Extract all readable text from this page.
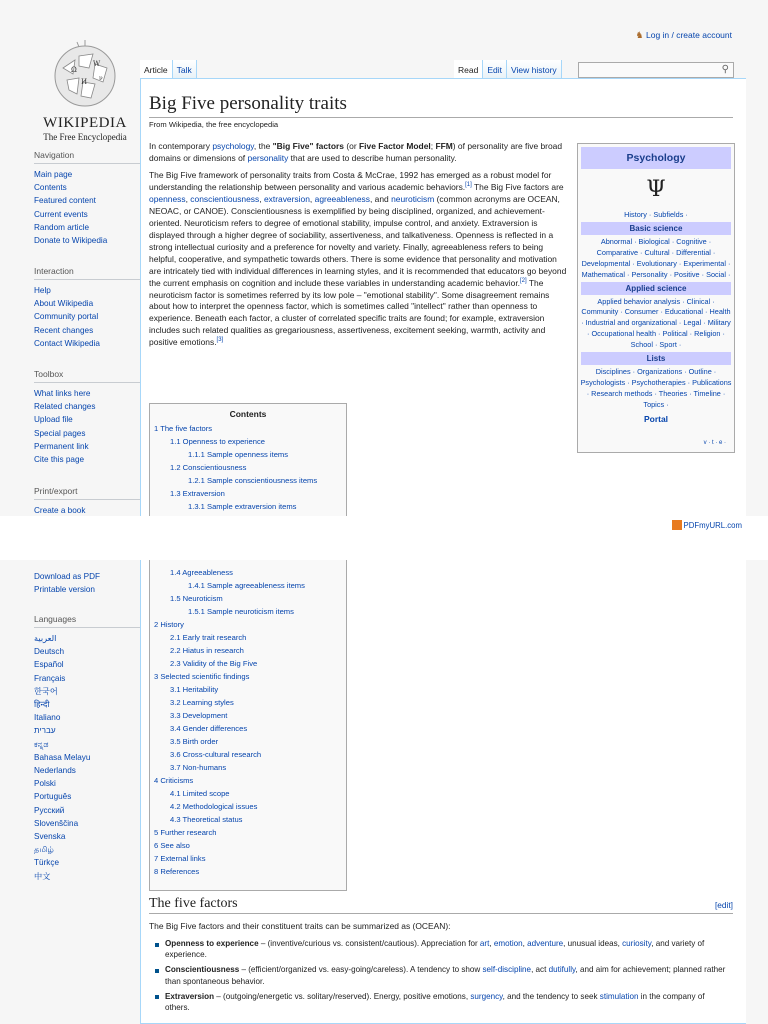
♞ Log in / create account
Ω
W
И ν
WIKIPEDIA
The Free Encyclopedia
Navigation
Main page
Contents
Featured content
Current events
Random article
Donate to Wikipedia
Interaction
Help
About Wikipedia
Community portal
Recent changes
Contact Wikipedia
Toolbox
What links here
Related changes
Upload file
Special pages
Permanent link
Cite this page
Print/export
Create a book
Article Talk	Read Edit View history	⚲
Big Five personality traits
From Wikipedia, the free encyclopedia
In contemporary psychology, the "Big Five" factors (or Five Factor Model; FFM) of personality are five broad domains or dimensions of personality that are used to describe human personality.
The Big Five framework of personality traits from Costa & McCrae, 1992 has emerged as a robust model for understanding the relationship between personality and various academic behaviors.[1] The Big Five factors are openness, conscientiousness, extraversion, agreeableness, and neuroticism (common acronyms are OCEAN, NEOAC, or CANOE). Conscientiousness is exemplified by being disciplined, organized, and achievement-oriented. Neuroticism refers to degree of emotional stability, impulse control, and anxiety. Extraversion is displayed through a higher degree of sociability, assertiveness, and talkativeness. Openness is reflected in a strong intellectual curiosity and a preference for novelty and variety. Finally, agreeableness refers to being helpful, cooperative, and sympathetic towards others. There is some evidence that personality and motivation are intricately tied with individual differences in learning styles, and it is recommended that educators go beyond the current emphasis on cognition and include these variables in understanding academic behavior.[2] The neuroticism factor is sometimes referred by its low pole – "emotional stability". Some disagreement remains about how to interpret the openness factor, which is sometimes called "intellect" rather than openness to experience. Beneath each factor, a cluster of correlated specific traits are found; for example, extraversion includes such related qualities as gregariousness, assertiveness, excitement seeking, warmth, activity and positive emotions.[3]
Psychology
Ψ
History · Subfields ·
Basic science
Abnormal · Biological · Cognitive · Comparative · Cultural · Differential · Developmental · Evolutionary · Experimental · Mathematical · Personality · Positive · Social ·
Applied science
Applied behavior analysis · Clinical · Community · Consumer · Educational · Health · Industrial and organizational · Legal · Military · Occupational health · Political · Religion · School · Sport ·
Lists
Disciplines · Organizations · Outline · Psychologists · Psychotherapies · Publications · Research methods · Theories · Timeline · Topics ·
Portal
v · t · e ·
Contents
1 The five factors
1.1 Openness to experience
1.1.1 Sample openness items
1.2 Conscientiousness
1.2.1 Sample conscientiousness items
1.3 Extraversion
1.3.1 Sample extraversion items
PDFmyURL.com
Download as PDF
Printable version
Languages
العربية
Deutsch
Español
Français
한국어
हिन्दी
Italiano
עברית
ಕನ್ನಡ
Bahasa Melayu
Nederlands
Polski
Português
Русский
Slovenščina
Svenska
தமிழ்
Türkçe
中文
1.4 Agreeableness
1.4.1 Sample agreeableness items
1.5 Neuroticism
1.5.1 Sample neuroticism items
2 History
2.1 Early trait research
2.2 Hiatus in research
2.3 Validity of the Big Five
3 Selected scientific findings
3.1 Heritability
3.2 Learning styles
3.3 Development
3.4 Gender differences
3.5 Birth order
3.6 Cross-cultural research
3.7 Non-humans
4 Criticisms
4.1 Limited scope
4.2 Methodological issues
4.3 Theoretical status
5 Further research
6 See also
7 External links
8 References
The five factors	[edit]
The Big Five factors and their constituent traits can be summarized as (OCEAN):
Openness to experience – (inventive/curious vs. consistent/cautious). Appreciation for art, emotion, adventure, unusual ideas, curiosity, and variety of experience.
Conscientiousness – (efficient/organized vs. easy-going/careless). A tendency to show self-discipline, act dutifully, and aim for achievement; planned rather than spontaneous behavior.
Extraversion – (outgoing/energetic vs. solitary/reserved). Energy, positive emotions, surgency, and the tendency to seek stimulation in the company of others.
